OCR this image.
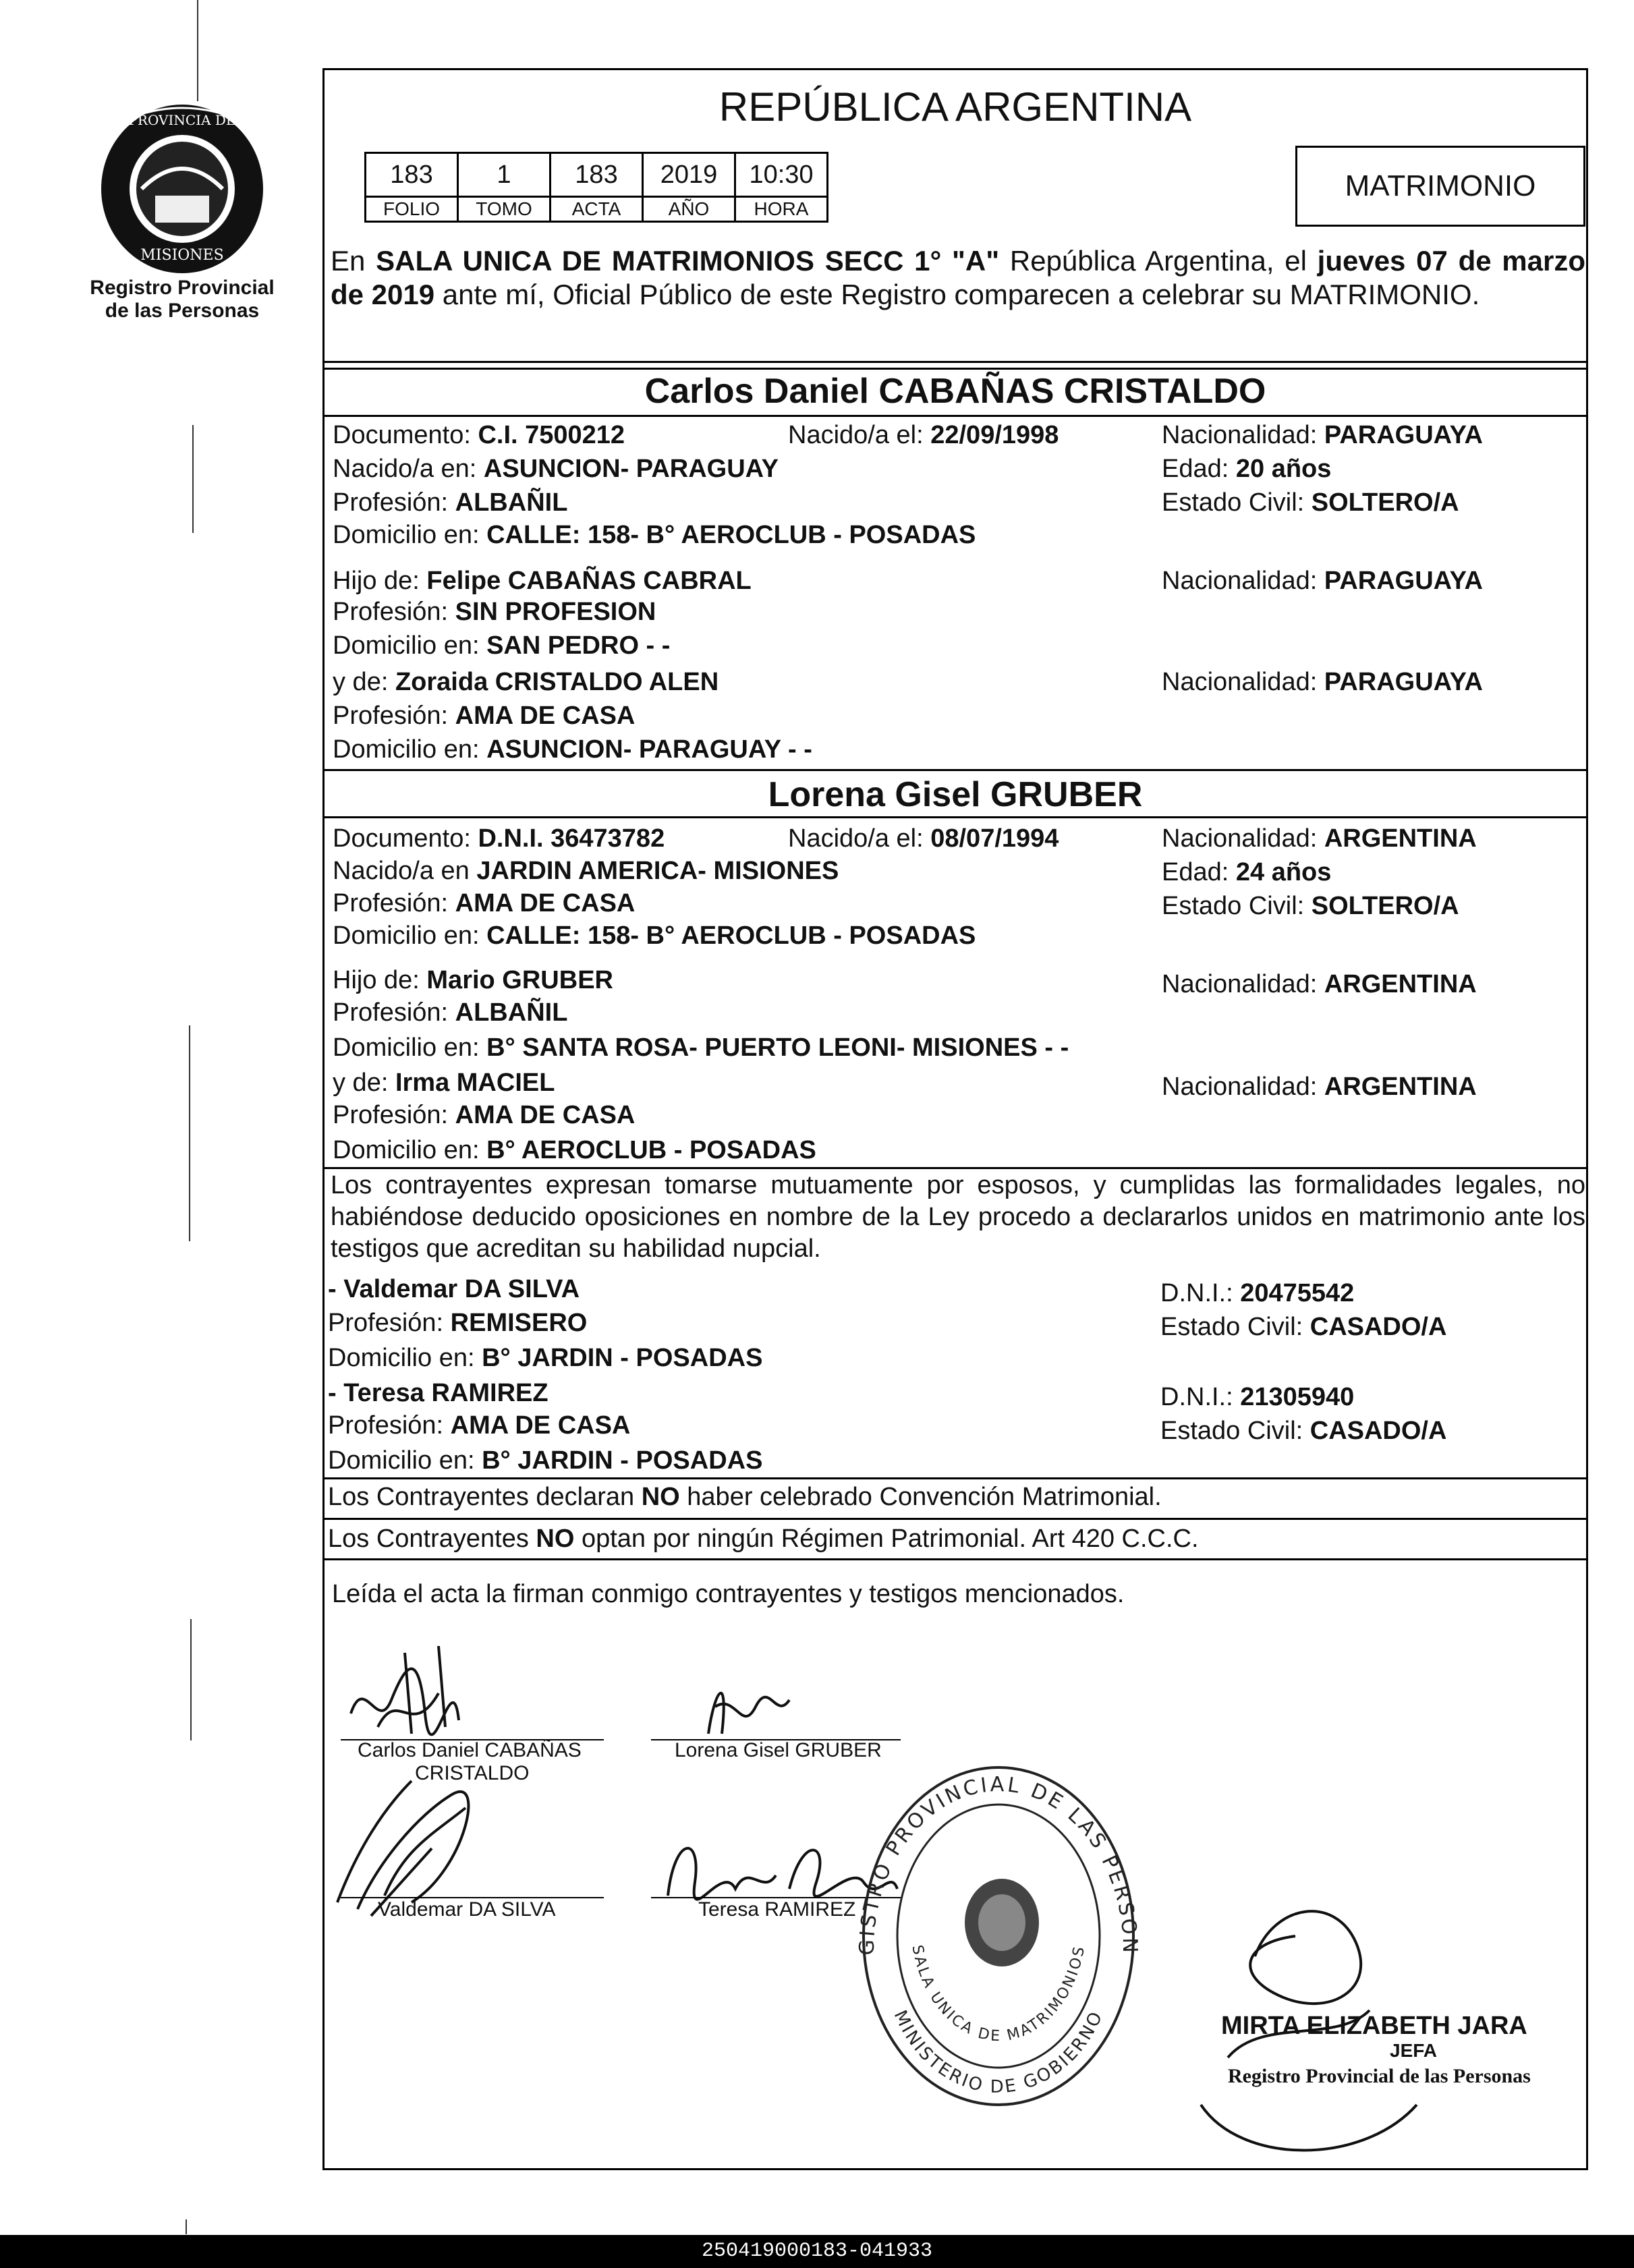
PROVINCIA DE
MISIONES
Registro Provincial
de las Personas
REPÚBLICA ARGENTINA
183	1	183	2019	10:30
FOLIO	TOMO	ACTA	AÑO	HORA
MATRIMONIO
En SALA UNICA DE MATRIMONIOS SECC 1° "A" República Argentina, el jueves 07 de marzo de 2019 ante mí, Oficial Público de este Registro comparecen a celebrar su MATRIMONIO.
Carlos Daniel CABAÑAS CRISTALDO
Documento: C.I. 7500212	Nacido/a el: 22/09/1998	Nacionalidad: PARAGUAYA
Nacido/a en: ASUNCION- PARAGUAY	Edad: 20 años
Profesión: ALBAÑIL	Estado Civil: SOLTERO/A
Domicilio en: CALLE: 158- B° AEROCLUB - POSADAS
Hijo de: Felipe CABAÑAS CABRAL	Nacionalidad: PARAGUAYA
Profesión: SIN PROFESION
Domicilio en: SAN PEDRO - -
y de: Zoraida CRISTALDO ALEN	Nacionalidad: PARAGUAYA
Profesión: AMA DE CASA
Domicilio en: ASUNCION- PARAGUAY - -
Lorena Gisel GRUBER
Documento: D.N.I. 36473782	Nacido/a el: 08/07/1994	Nacionalidad: ARGENTINA
Nacido/a en JARDIN AMERICA- MISIONES	Edad: 24 años
Profesión: AMA DE CASA	Estado Civil: SOLTERO/A
Domicilio en: CALLE: 158- B° AEROCLUB - POSADAS
Hijo de: Mario GRUBER	Nacionalidad: ARGENTINA
Profesión: ALBAÑIL
Domicilio en: B° SANTA ROSA- PUERTO LEONI- MISIONES - -
y de: Irma MACIEL	Nacionalidad: ARGENTINA
Profesión: AMA DE CASA
Domicilio en: B° AEROCLUB - POSADAS
Los contrayentes expresan tomarse mutuamente por esposos, y cumplidas las formalidades legales, no habiéndose deducido oposiciones en nombre de la Ley procedo a declararlos unidos en matrimonio ante los testigos que acreditan su habilidad nupcial.
- Valdemar DA SILVA	D.N.I.: 20475542
Profesión: REMISERO	Estado Civil: CASADO/A
Domicilio en: B° JARDIN - POSADAS
- Teresa RAMIREZ	D.N.I.: 21305940
Profesión: AMA DE CASA	Estado Civil: CASADO/A
Domicilio en: B° JARDIN - POSADAS
Los Contrayentes declaran NO haber celebrado Convención Matrimonial.
Los Contrayentes NO optan por ningún Régimen Patrimonial. Art 420 C.C.C.
Leída el acta la firman conmigo contrayentes y testigos mencionados.
Carlos Daniel CABAÑAS
CRISTALDO
Lorena Gisel GRUBER
Valdemar DA SILVA	Teresa RAMIREZ
GISTRO PROVINCIAL DE LAS PERSON
SALA UNICA DE MATRIMONIOS
MINISTERIO DE GOBIERNO	MIRTA ELIZABETH JARA
JEFA
Registro Provincial de las Personas
250419000183-041933
